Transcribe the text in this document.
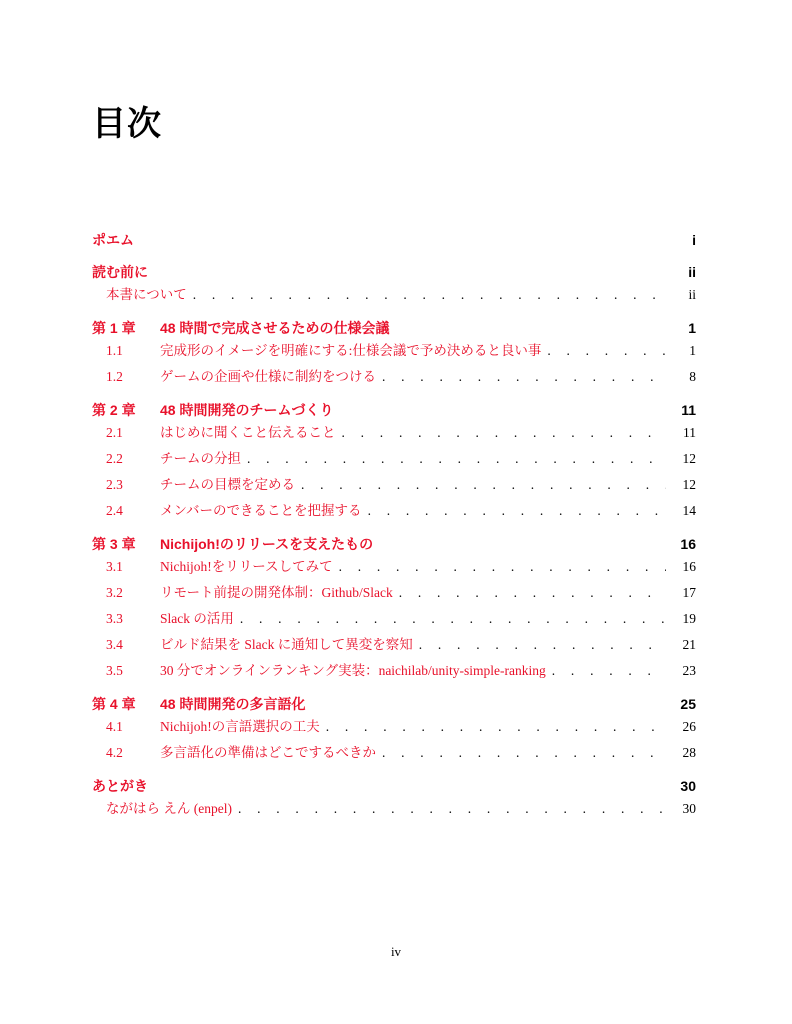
目次
ポエム	i
読む前に	ii
本書について . . .	ii
第 1 章	48 時間で完成させるための仕様会議	1
1.1	完成形のイメージを明確にする:仕様会議で予め決めると良い事 . . .	1
1.2	ゲームの企画や仕様に制約をつける . . .	8
第 2 章	48 時間開発のチームづくり	11
2.1	はじめに聞くこと伝えること . . .	11
2.2	チームの分担 . . .	12
2.3	チームの目標を定める . . .	12
2.4	メンバーのできることを把握する . . .	14
第 3 章	Nichijoh!のリリースを支えたもの	16
3.1	Nichijoh!をリリースしてみて . . .	16
3.2	リモート前提の開発体制：Github/Slack . . .	17
3.3	Slack の活用 . . .	19
3.4	ビルド結果を Slack に通知して異変を察知 . . .	21
3.5	30 分でオンラインランキング実装：naichilab/unity-simple-ranking . . .	23
第 4 章	48 時間開発の多言語化	25
4.1	Nichijoh!の言語選択の工夫 . . .	26
4.2	多言語化の準備はどこでするべきか . . .	28
あとがき	30
ながはら えん (enpel) . . .	30
iv
